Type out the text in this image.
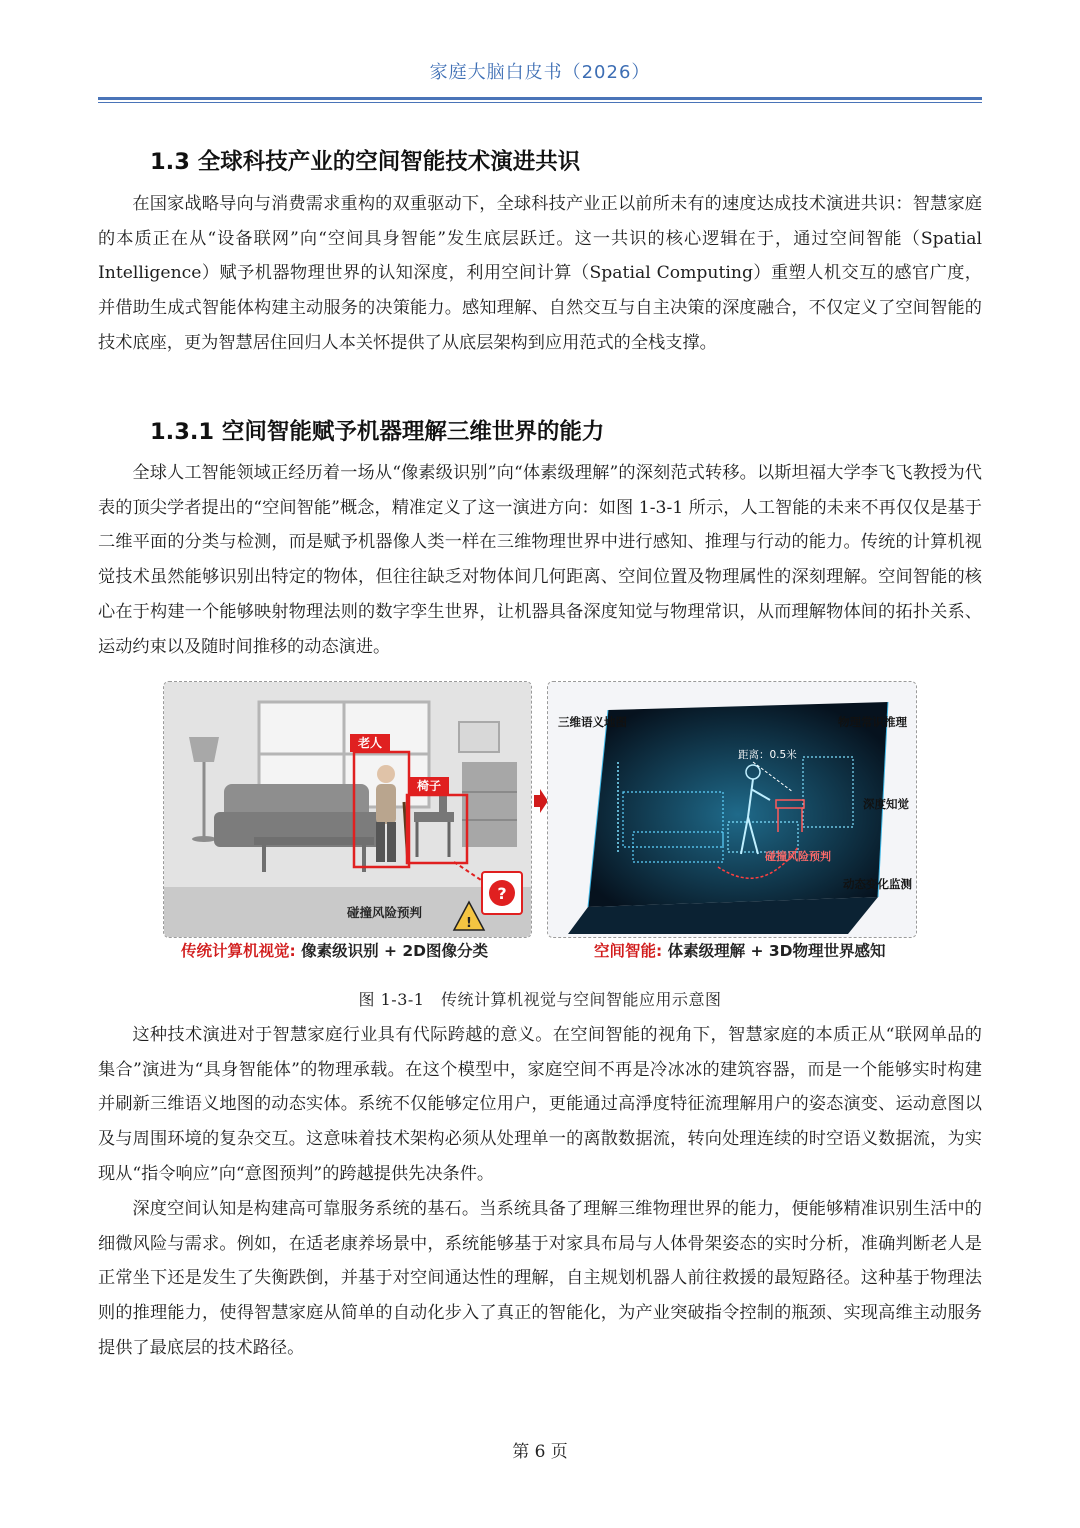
家庭大脑白皮书（2026）
1.3 全球科技产业的空间智能技术演进共识

在国家战略导向与消费需求重构的双重驱动下，全球科技产业正以前所未有的速度达成技术演进共识：智慧家庭的本质正在从“设备联网”向“空间具身智能”发生底层跃迁。这一共识的核心逻辑在于，通过空间智能（Spatial Intelligence）赋予机器物理世界的认知深度，利用空间计算（Spatial Computing）重塑人机交互的感官广度，并借助生成式智能体构建主动服务的决策能力。感知理解、自然交互与自主决策的深度融合，不仅定义了空间智能的技术底座，更为智慧居住回归人本关怀提供了从底层架构到应用范式的全栈支撑。

1.3.1 空间智能赋予机器理解三维世界的能力

全球人工智能领域正经历着一场从“像素级识别”向“体素级理解”的深刻范式转移。以斯坦福大学李飞飞教授为代表的顶尖学者提出的“空间智能”概念，精准定义了这一演进方向：如图 1-3-1 所示，人工智能的未来不再仅仅是基于二维平面的分类与检测，而是赋予机器像人类一样在三维物理世界中进行感知、推理与行动的能力。传统的计算机视觉技术虽然能够识别出特定的物体，但往往缺乏对物体间几何距离、空间位置及物理属性的深刻理解。空间智能的核心在于构建一个能够映射物理法则的数字孪生世界，让机器具备深度知觉与物理常识，从而理解物体间的拓扑关系、运动约束以及随时间推移的动态演进。

老人
椅子
?
!
碰撞风险预判
三维语义地图	物理常识推理
距离：0.5米
深度知觉
碰撞风险预判
动态变化监测
传统计算机视觉: 像素级识别 + 2D图像分类	空间智能: 体素级理解 + 3D物理世界感知
图 1-3-1　传统计算机视觉与空间智能应用示意图

这种技术演进对于智慧家庭行业具有代际跨越的意义。在空间智能的视角下，智慧家庭的本质正从“联网单品的集合”演进为“具身智能体”的物理承载。在这个模型中，家庭空间不再是冷冰冰的建筑容器，而是一个能够实时构建并刷新三维语义地图的动态实体。系统不仅能够定位用户，更能通过高淨度特征流理解用户的姿态演变、运动意图以及与周围环境的复杂交互。这意味着技术架构必须从处理单一的离散数据流，转向处理连续的时空语义数据流，为实现从“指令响应”向“意图预判”的跨越提供先决条件。

深度空间认知是构建高可靠服务系统的基石。当系统具备了理解三维物理世界的能力，便能够精准识别生活中的细微风险与需求。例如，在适老康养场景中，系统能够基于对家具布局与人体骨架姿态的实时分析，准确判断老人是正常坐下还是发生了失衡跌倒，并基于对空间通达性的理解，自主规划机器人前往救援的最短路径。这种基于物理法则的推理能力，使得智慧家庭从简单的自动化步入了真正的智能化，为产业突破指令控制的瓶颈、实现高维主动服务提供了最底层的技术路径。

第 6 页
